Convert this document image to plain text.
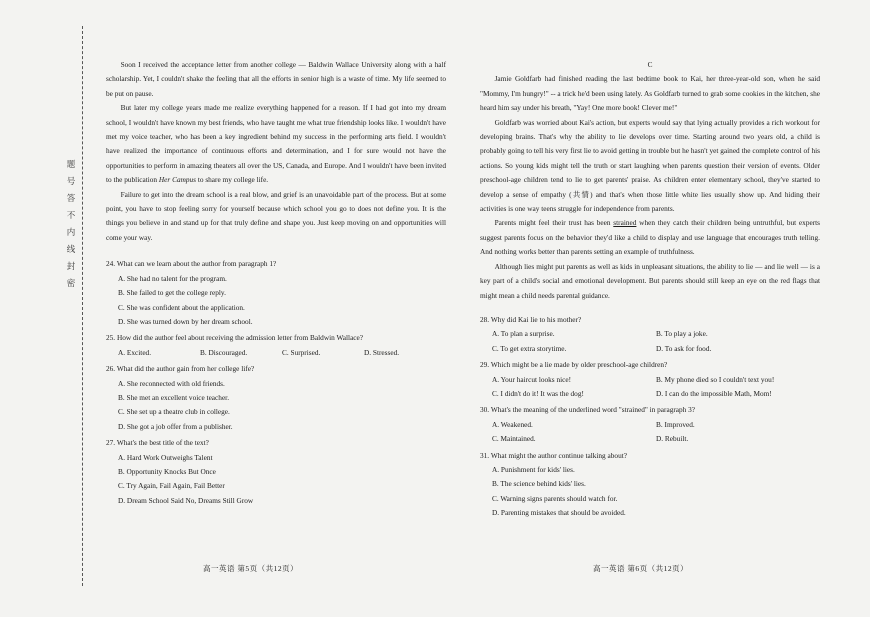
题
号
答
不
内
线
封
密
Soon I received the acceptance letter from another college — Baldwin Wallace University along with a half scholarship. Yet, I couldn't shake the feeling that all the efforts in senior high is a waste of time. My life seemed to be put on pause.
But later my college years made me realize everything happened for a reason. If I had got into my dream school, I wouldn't have known my best friends, who have taught me what true friendship looks like. I wouldn't have met my voice teacher, who has been a key ingredient behind my success in the performing arts field. I wouldn't have realized the importance of continuous efforts and determination, and I for sure would not have the opportunities to perform in amazing theaters all over the US, Canada, and Europe. And I wouldn't have been invited to the publication Her Campus to share my college life.
Failure to get into the dream school is a real blow, and grief is an unavoidable part of the process. But at some point, you have to stop feeling sorry for yourself because which school you go to does not define you. It is the things you believe in and stand up for that truly define and shape you. Just keep moving on and opportunities will come your way.
24. What can we learn about the author from paragraph 1?
A. She had no talent for the program.
B. She failed to get the college reply.
C. She was confident about the application.
D. She was turned down by her dream school.
25. How did the author feel about receiving the admission letter from Baldwin Wallace?
A. Excited.	B. Discouraged.	C. Surprised.	D. Stressed.
26. What did the author gain from her college life?
A. She reconnected with old friends.
B. She met an excellent voice teacher.
C. She set up a theatre club in college.
D. She got a job offer from a publisher.
27. What's the best title of the text?
A. Hard Work Outweighs Talent
B. Opportunity Knocks But Once
C. Try Again, Fail Again, Fail Better
D. Dream School Said No, Dreams Still Grow
C
Jamie Goldfarb had finished reading the last bedtime book to Kai, her three-year-old son, when he said "Mommy, I'm hungry!" -- a trick he'd been using lately. As Goldfarb turned to grab some cookies in the kitchen, she heard him say under his breath, "Yay! One more book! Clever me!"
Goldfarb was worried about Kai's action, but experts would say that lying actually provides a rich workout for developing brains. That's why the ability to lie develops over time. Starting around two years old, a child is probably going to tell his very first lie to avoid getting in trouble but he hasn't yet gained the complete control of his actions. So young kids might tell the truth or start laughing when parents question their version of events. Older preschool-age children tend to lie to get parents' praise. As children enter elementary school, they've started to develop a sense of empathy (共情) and that's when those little white lies usually show up. And hiding their activities is one way teens struggle for independence from parents.
Parents might feel their trust has been strained when they catch their children being untruthful, but experts suggest parents focus on the behavior they'd like a child to display and use language that encourages truth telling. And nothing works better than parents setting an example of truthfulness.
Although lies might put parents as well as kids in unpleasant situations, the ability to lie — and lie well — is a key part of a child's social and emotional development. But parents should still keep an eye on the red flags that might mean a child needs parental guidance.
28. Why did Kai lie to his mother?
A. To plan a surprise.	B. To play a joke.
C. To get extra storytime.	D. To ask for food.
29. Which might be a lie made by older preschool-age children?
A. Your haircut looks nice!	B. My phone died so I couldn't text you!
C. I didn't do it! It was the dog!	D. I can do the impossible Math, Mom!
30. What's the meaning of the underlined word "strained" in paragraph 3?
A. Weakened.	B. Improved.
C. Maintained.	D. Rebuilt.
31. What might the author continue talking about?
A. Punishment for kids' lies.
B. The science behind kids' lies.
C. Warning signs parents should watch for.
D. Parenting mistakes that should be avoided.
高一英语 第5页（共12页）	高一英语 第6页（共12页）
